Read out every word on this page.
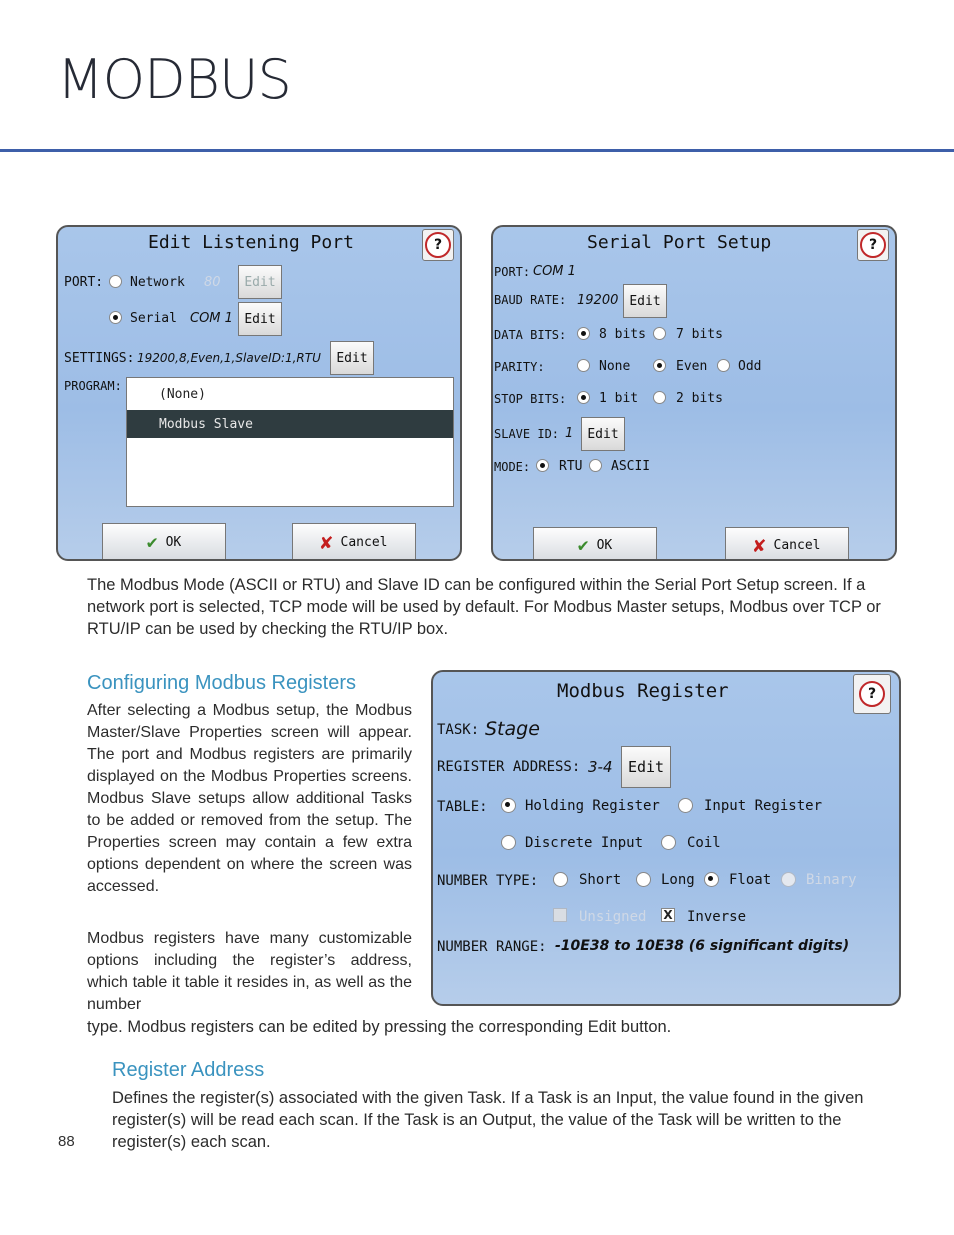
MODBUS
Edit Listening Port	?
PORT: Network 80	Edit
Serial COM 1 Edit
SETTINGS: 19200,8,Even,1,SlaveID:1,RTU	Edit
PROGRAM:
(None)
Modbus Slave
✔ OK	✘ Cancel
Serial Port Setup	?
PORT: COM 1
BAUD RATE: 19200 Edit
DATA BITS:	8 bits 7 bits
PARITY:	None	Even Odd
STOP BITS:	1 bit	2 bits
SLAVE ID: 1	Edit
MODE: RTU ASCII
✔ OK	✘ Cancel
The Modbus Mode (ASCII or RTU) and Slave ID can be configured within the Serial Port Setup screen. If a network port is selected, TCP mode will be used by default. For Modbus Master setups, Modbus over TCP or RTU/IP can be used by checking the RTU/IP box.
Configuring Modbus Registers
After selecting a Modbus setup, the Modbus Master/Slave Properties screen will appear. The port and Modbus registers are primarily displayed on the Modbus Properties screens. Modbus Slave setups allow additional Tasks to be added or removed from the setup. The Properties screen may contain a few extra options dependent on where the screen was accessed.
Modbus registers have many customizable options including the register’s address, which table it table it resides in, as well as the number
Modbus Register	?
TASK: Stage
REGISTER ADDRESS: 3-4	Edit
TABLE:	Holding Register	Input Register
Discrete Input	Coil
NUMBER TYPE:	Short	Long Float Binary
Unsigned X Inverse
NUMBER RANGE: -10E38 to 10E38 (6 significant digits)
type. Modbus registers can be edited by pressing the corresponding Edit button.
Register Address
Defines the register(s) associated with the given Task. If a Task is an Input, the value found in the given register(s) will be read each scan. If the Task is an Output, the value of the Task will be written to the register(s) each scan.
88
